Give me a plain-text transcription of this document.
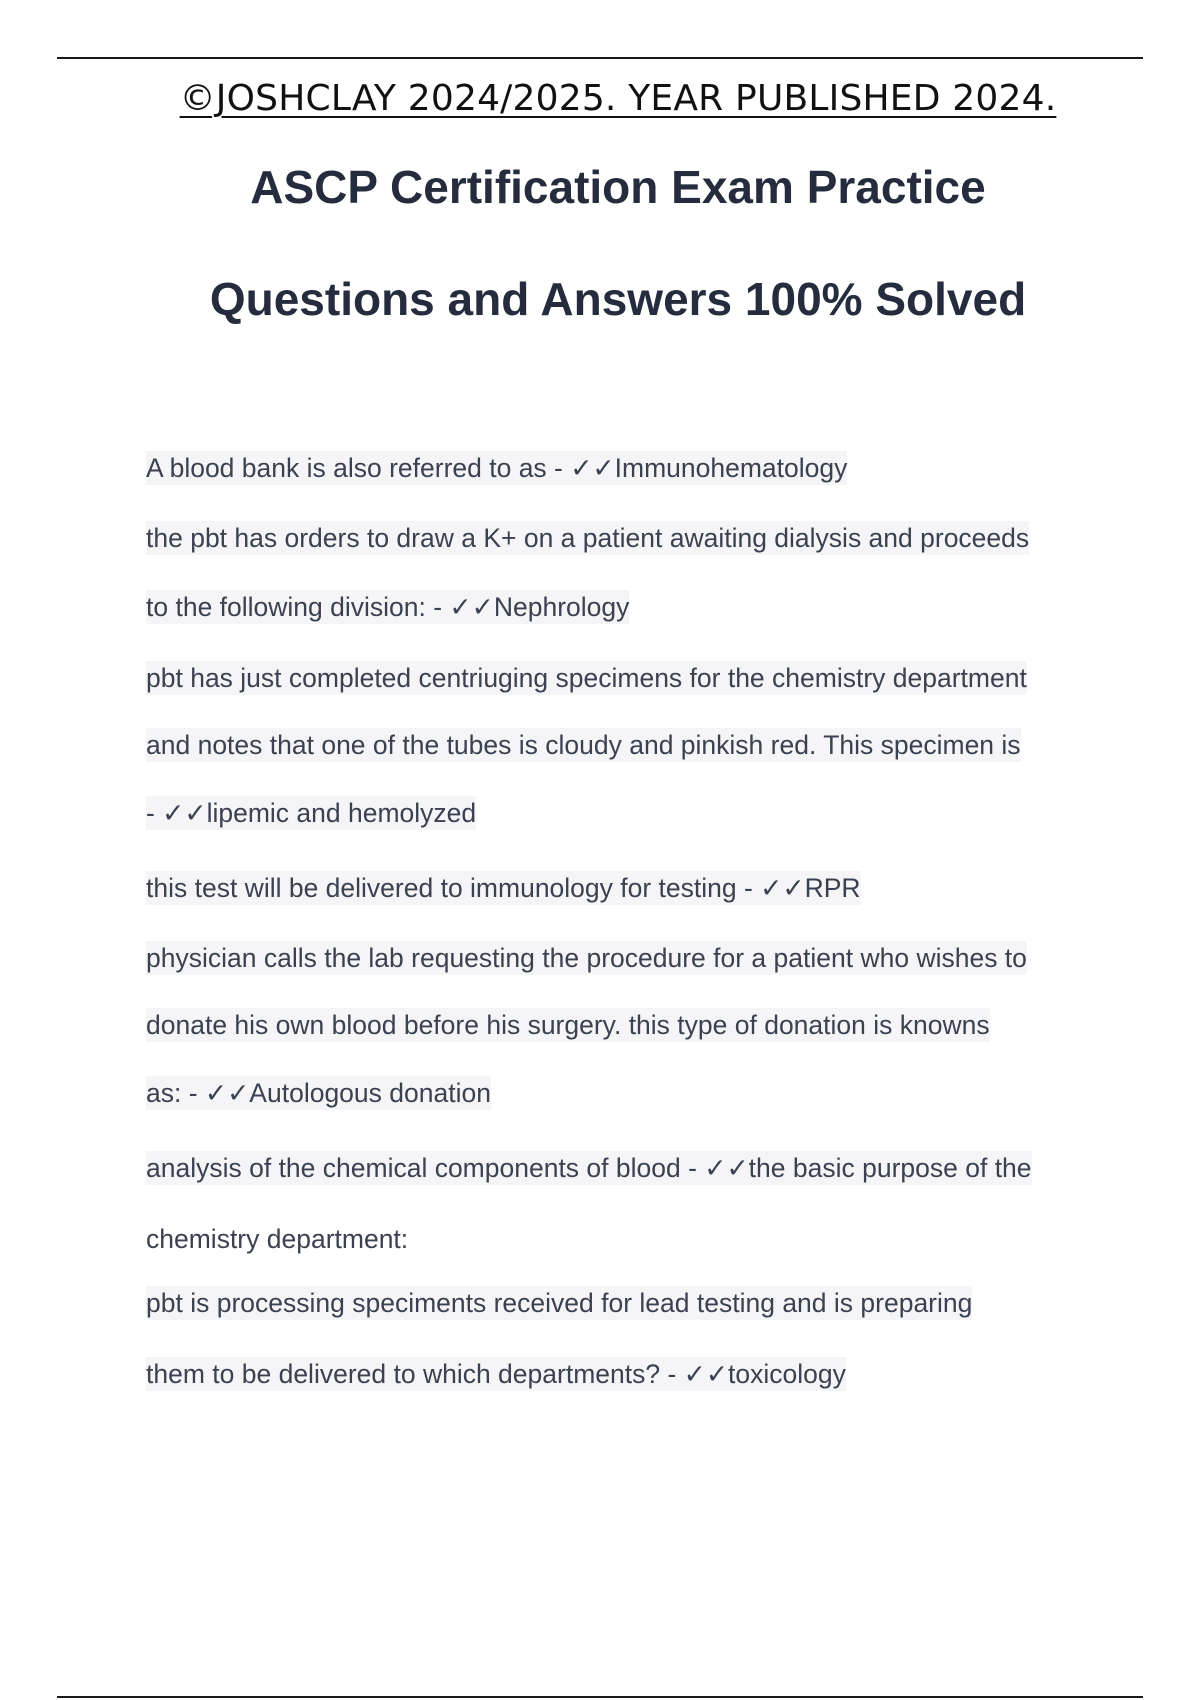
©JOSHCLAY 2024/2025. YEAR PUBLISHED 2024.
ASCP Certification Exam Practice
Questions and Answers 100% Solved
A blood bank is also referred to as - ✓✓Immunohematology
the pbt has orders to draw a K+ on a patient awaiting dialysis and proceeds
to the following division: - ✓✓Nephrology
pbt has just completed centriuging specimens for the chemistry department
and notes that one of the tubes is cloudy and pinkish red. This specimen is
- ✓✓lipemic and hemolyzed
this test will be delivered to immunology for testing - ✓✓RPR
physician calls the lab requesting the procedure for a patient who wishes to
donate his own blood before his surgery. this type of donation is knowns
as: - ✓✓Autologous donation
analysis of the chemical components of blood - ✓✓the basic purpose of the
chemistry department:
pbt is processing speciments received for lead testing and is preparing
them to be delivered to which departments? - ✓✓toxicology
